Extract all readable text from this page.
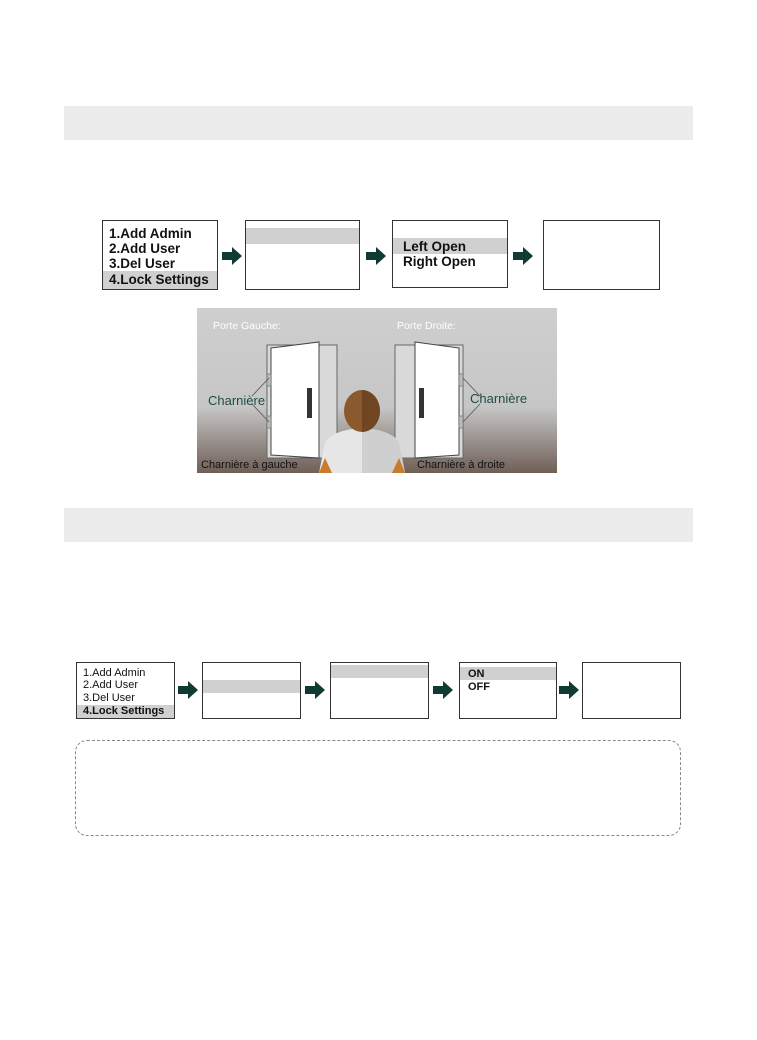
1.Add Admin
2.Add User
3.Del User
4.Lock Settings
Left Open
Right Open
Porte Gauche:	Porte Droite:
Charnière	Charnière
Charnière à gauche	Charnière à droite
1.Add Admin
2.Add User
3.Del User
4.Lock Settings
ON
OFF
